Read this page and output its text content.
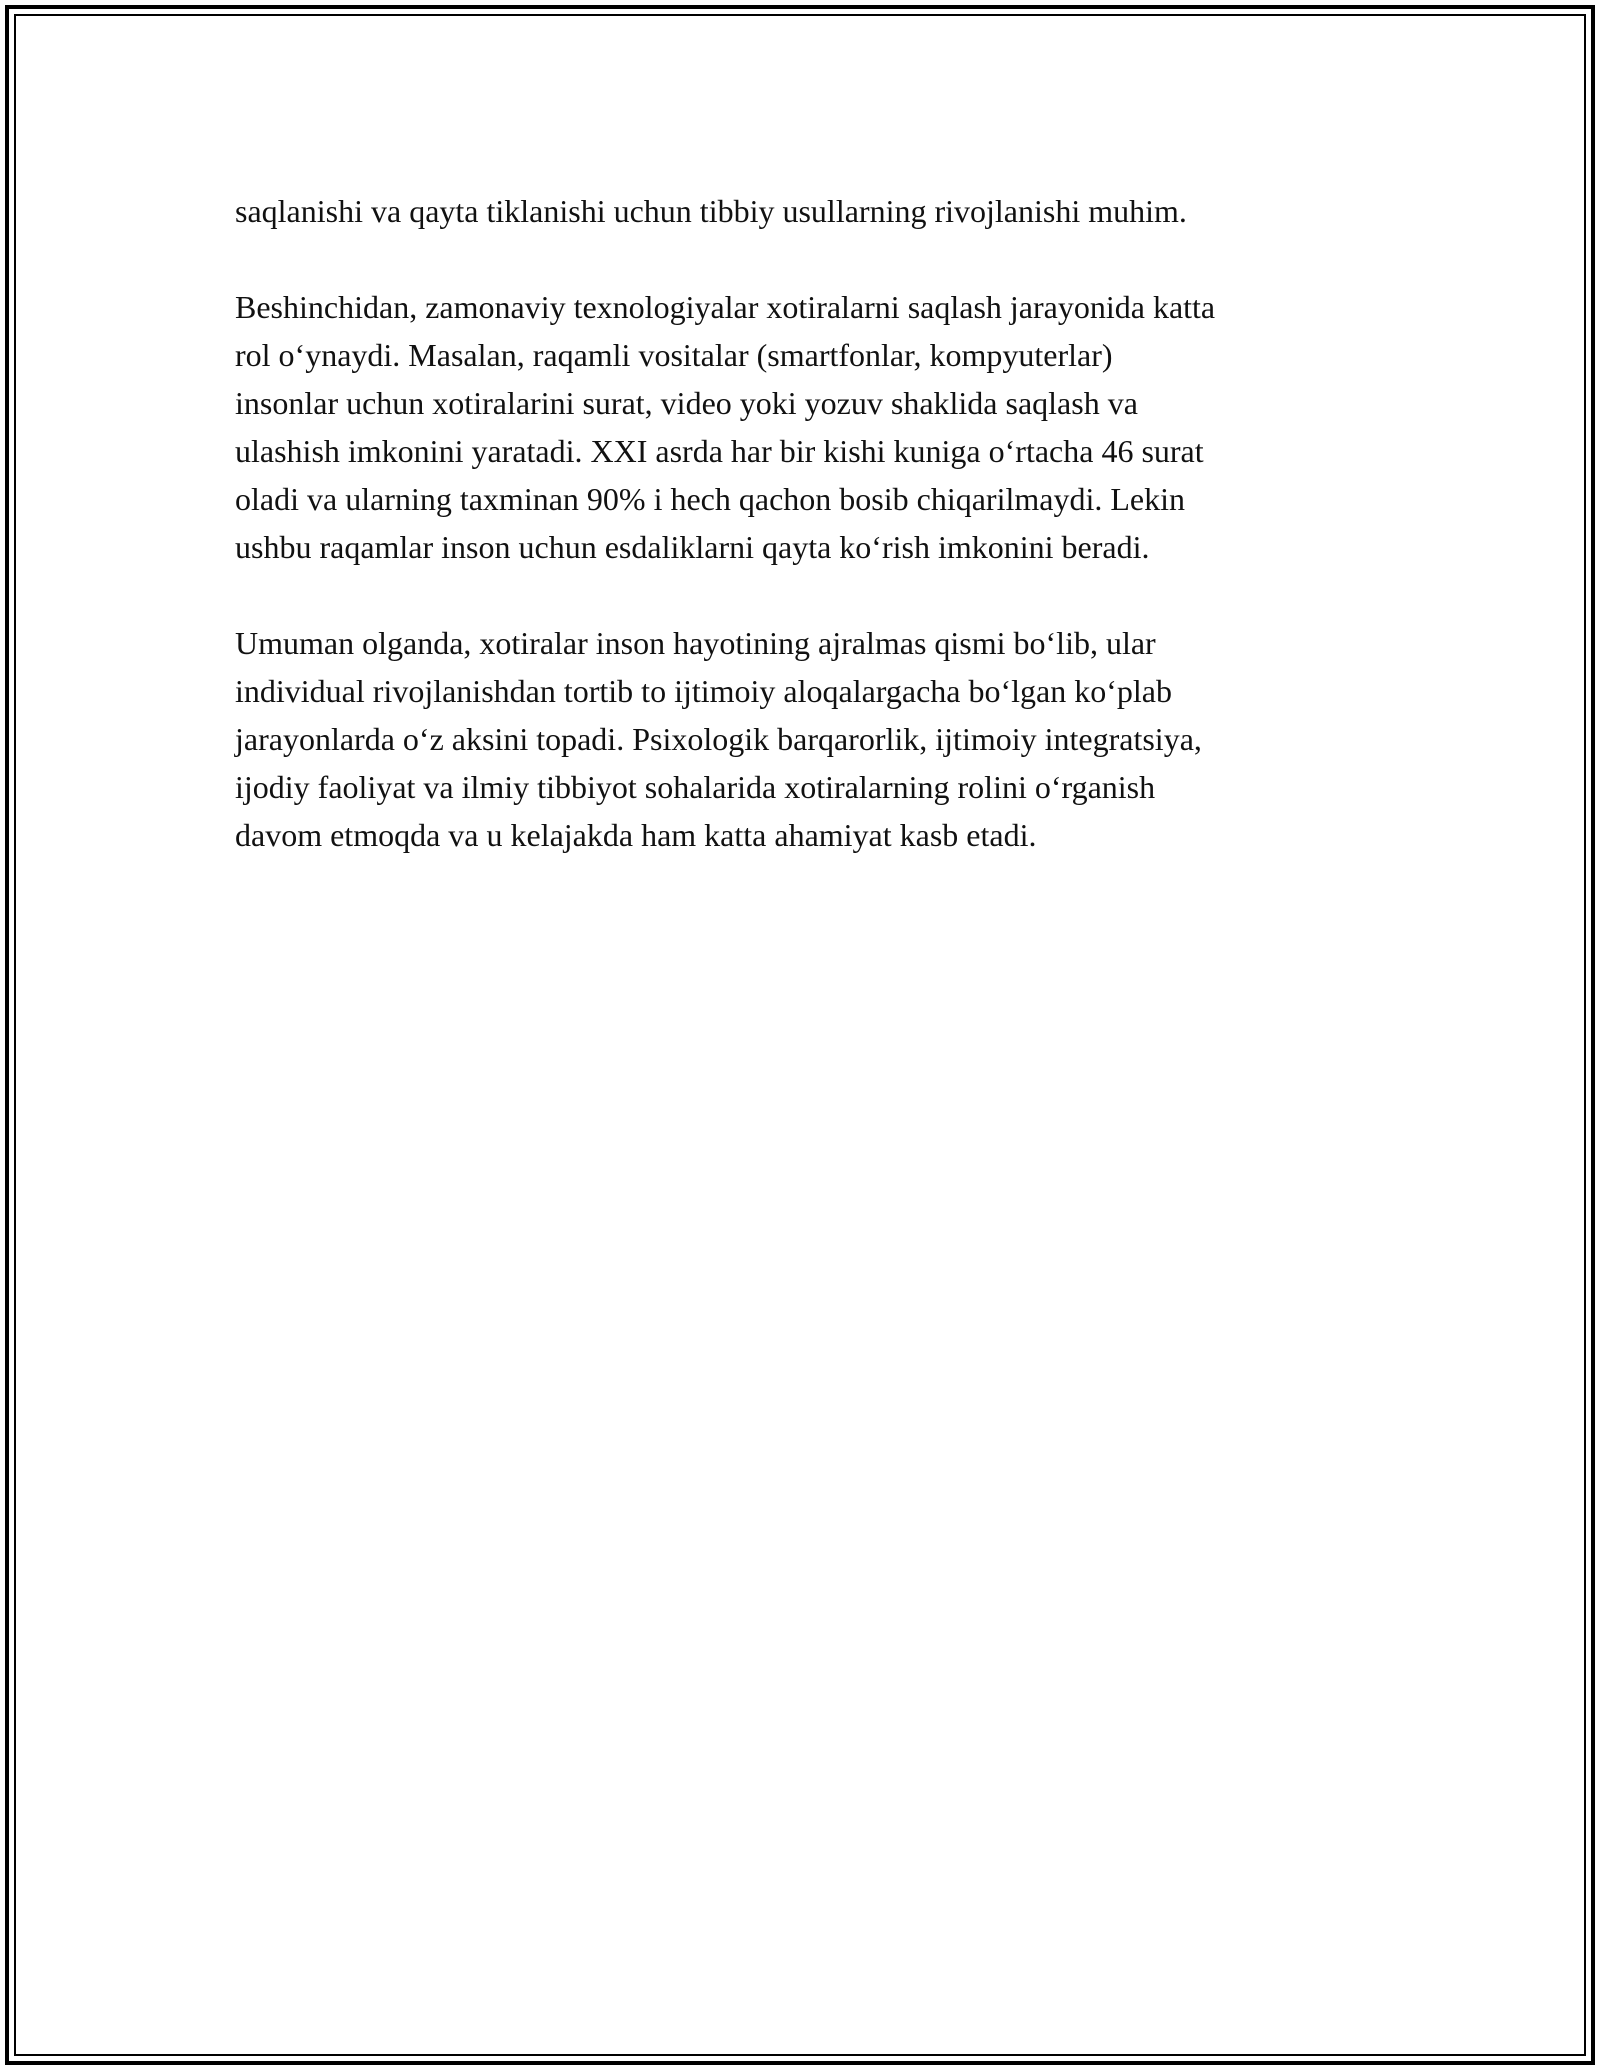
saqlanishi va qayta tiklanishi uchun tibbiy usullarning rivojlanishi muhim.

Beshinchidan, zamonaviy texnologiyalar xotiralarni saqlash jarayonida katta
rol o‘ynaydi. Masalan, raqamli vositalar (smartfonlar, kompyuterlar)
insonlar uchun xotiralarini surat, video yoki yozuv shaklida saqlash va
ulashish imkonini yaratadi. XXI asrda har bir kishi kuniga o‘rtacha 46 surat
oladi va ularning taxminan 90% i hech qachon bosib chiqarilmaydi. Lekin
ushbu raqamlar inson uchun esdaliklarni qayta ko‘rish imkonini beradi.

Umuman olganda, xotiralar inson hayotining ajralmas qismi bo‘lib, ular
individual rivojlanishdan tortib to ijtimoiy aloqalargacha bo‘lgan ko‘plab
jarayonlarda o‘z aksini topadi. Psixologik barqarorlik, ijtimoiy integratsiya,
ijodiy faoliyat va ilmiy tibbiyot sohalarida xotiralarning rolini o‘rganish
davom etmoqda va u kelajakda ham katta ahamiyat kasb etadi.
